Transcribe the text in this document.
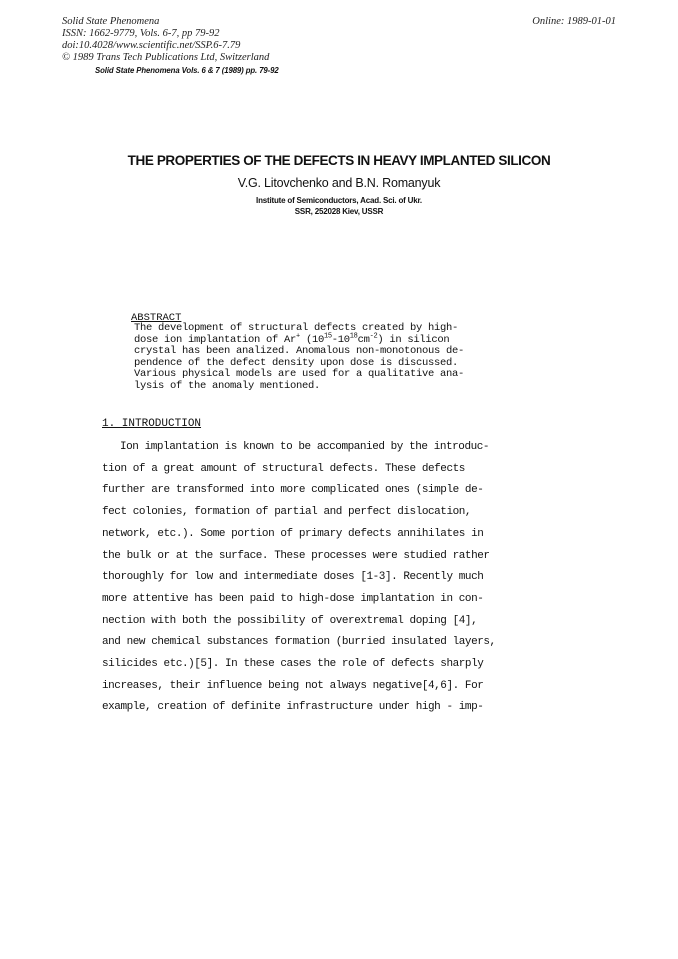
Solid State Phenomena
ISSN: 1662-9779, Vols. 6-7, pp 79-92
doi:10.4028/www.scientific.net/SSP.6-7.79
© 1989 Trans Tech Publications Ltd, Switzerland
Online: 1989-01-01
Solid State Phenomena Vols. 6 & 7 (1989) pp. 79-92
THE PROPERTIES OF THE DEFECTS IN HEAVY IMPLANTED SILICON
V.G. Litovchenko and B.N. Romanyuk
Institute of Semiconductors, Acad. Sci. of Ukr.
SSR, 252028 Kiev, USSR
ABSTRACT
The development of structural defects created by high-
dose ion implantation of Ar+ $(10^{15}-10^{18}cm^{-2})$ in silicon
crystal has been analized. Anomalous non-monotonous de-
pendence of the defect density upon dose is discussed.
Various physical models are used for a qualitative ana-
lysis of the anomaly mentioned.
1. INTRODUCTION
Ion implantation is known to be accompanied by the introduc-
tion of a great amount of structural defects. These defects
further are transformed into more complicated ones (simple de-
fect colonies, formation of partial and perfect dislocation,
network, etc.). Some portion of primary defects annihilates in
the bulk or at the surface. These processes were studied rather
thoroughly for low and intermediate doses [1-3]. Recently much
more attentive has been paid to high-dose implantation in con-
nection with both the possibility of overextremal doping [4],
and new chemical substances formation (burried insulated layers,
silicides etc.)[5]. In these cases the role of defects sharply
increases, their influence being not always negative[4,6]. For
example, creation of definite infrastructure under high - imp-
